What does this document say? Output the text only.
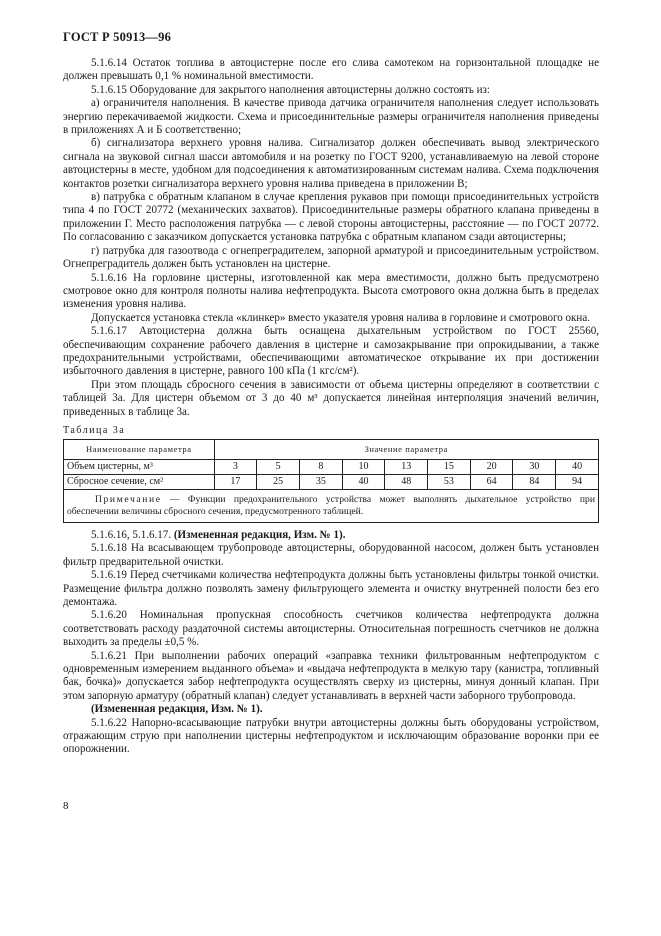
ГОСТ Р 50913—96

5.1.6.14 Остаток топлива в автоцистерне после его слива самотеком на горизонтальной площадке не должен превышать 0,1 % номинальной вместимости.

5.1.6.15 Оборудование для закрытого наполнения автоцистерны должно состоять из:

а) ограничителя наполнения. В качестве привода датчика ограничителя наполнения следует использовать энергию перекачиваемой жидкости. Схема и присоединительные размеры ограничителя наполнения приведены в приложениях А и Б соответственно;

б) сигнализатора верхнего уровня налива. Сигнализатор должен обеспечивать вывод электрического сигнала на звуковой сигнал шасси автомобиля и на розетку по ГОСТ 9200, устанавливаемую на левой стороне автоцистерны в месте, удобном для подсоединения к автоматизированным системам налива. Схема подключения контактов розетки сигнализатора верхнего уровня налива приведена в приложении В;

в) патрубка с обратным клапаном в случае крепления рукавов при помощи присоединительных устройств типа 4 по ГОСТ 20772 (механических захватов). Присоединительные размеры обратного клапана приведены в приложении Г. Место расположения патрубка — с левой стороны автоцистерны, расстояние — по ГОСТ 20772. По согласованию с заказчиком допускается установка патрубка с обратным клапаном сзади автоцистерны;

г) патрубка для газоотвода с огнепреградителем, запорной арматурой и присоединительным устройством. Огнепреградитель должен быть установлен на цистерне.

5.1.6.16 На горловине цистерны, изготовленной как мера вместимости, должно быть предусмотрено смотровое окно для контроля полноты налива нефтепродукта. Высота смотрового окна должна быть в пределах изменения уровня налива.

Допускается установка стекла «клинкер» вместо указателя уровня налива в горловине и смотрового окна.

5.1.6.17 Автоцистерна должна быть оснащена дыхательным устройством по ГОСТ 25560, обеспечивающим сохранение рабочего давления в цистерне и самозакрывание при опрокидывании, а также предохранительными устройствами, обеспечивающими автоматическое открывание их при достижении избыточного давления в цистерне, равного 100 кПа (1 кгс/см²).

При этом площадь сбросного сечения в зависимости от объема цистерны определяют в соответствии с таблицей 3а. Для цистерн объемом от 3 до 40 м³ допускается линейная интерполяция значений величин, приведенных в таблице 3а.

Таблица 3а
Наименование параметра	Значение параметра								
Объем цистерны, м³	3	5	8	10	13	15	20	30	40
Сбросное сечение, см²	17	25	35	40	48	53	64	84	94
Примечание — Функции предохранительного устройства может выполнять дыхательное устройство при обеспечении величины сбросного сечения, предусмотренного таблицей.									

5.1.6.16, 5.1.6.17. (Измененная редакция, Изм. № 1).

5.1.6.18 На всасывающем трубопроводе автоцистерны, оборудованной насосом, должен быть установлен фильтр предварительной очистки.

5.1.6.19 Перед счетчиками количества нефтепродукта должны быть установлены фильтры тонкой очистки. Размещение фильтра должно позволять замену фильтрующего элемента и очистку внутренней полости без его демонтажа.

5.1.6.20 Номинальная пропускная способность счетчиков количества нефтепродукта должна соответствовать расходу раздаточной системы автоцистерны. Относительная погрешность счетчиков не должна выходить за пределы ±0,5 %.

5.1.6.21 При выполнении рабочих операций «заправка техники фильтрованным нефтепродуктом с одновременным измерением выданного объема» и «выдача нефтепродукта в мелкую тару (канистра, топливный бак, бочка)» допускается забор нефтепродукта осуществлять сверху из цистерны, минуя донный клапан. При этом запорную арматуру (обратный клапан) следует устанавливать в верхней части заборного трубопровода.

(Измененная редакция, Изм. № 1).

5.1.6.22 Напорно-всасывающие патрубки внутри автоцистерны должны быть оборудованы устройством, отражающим струю при наполнении цистерны нефтепродуктом и исключающим образование воронки при ее опорожнении.

8
